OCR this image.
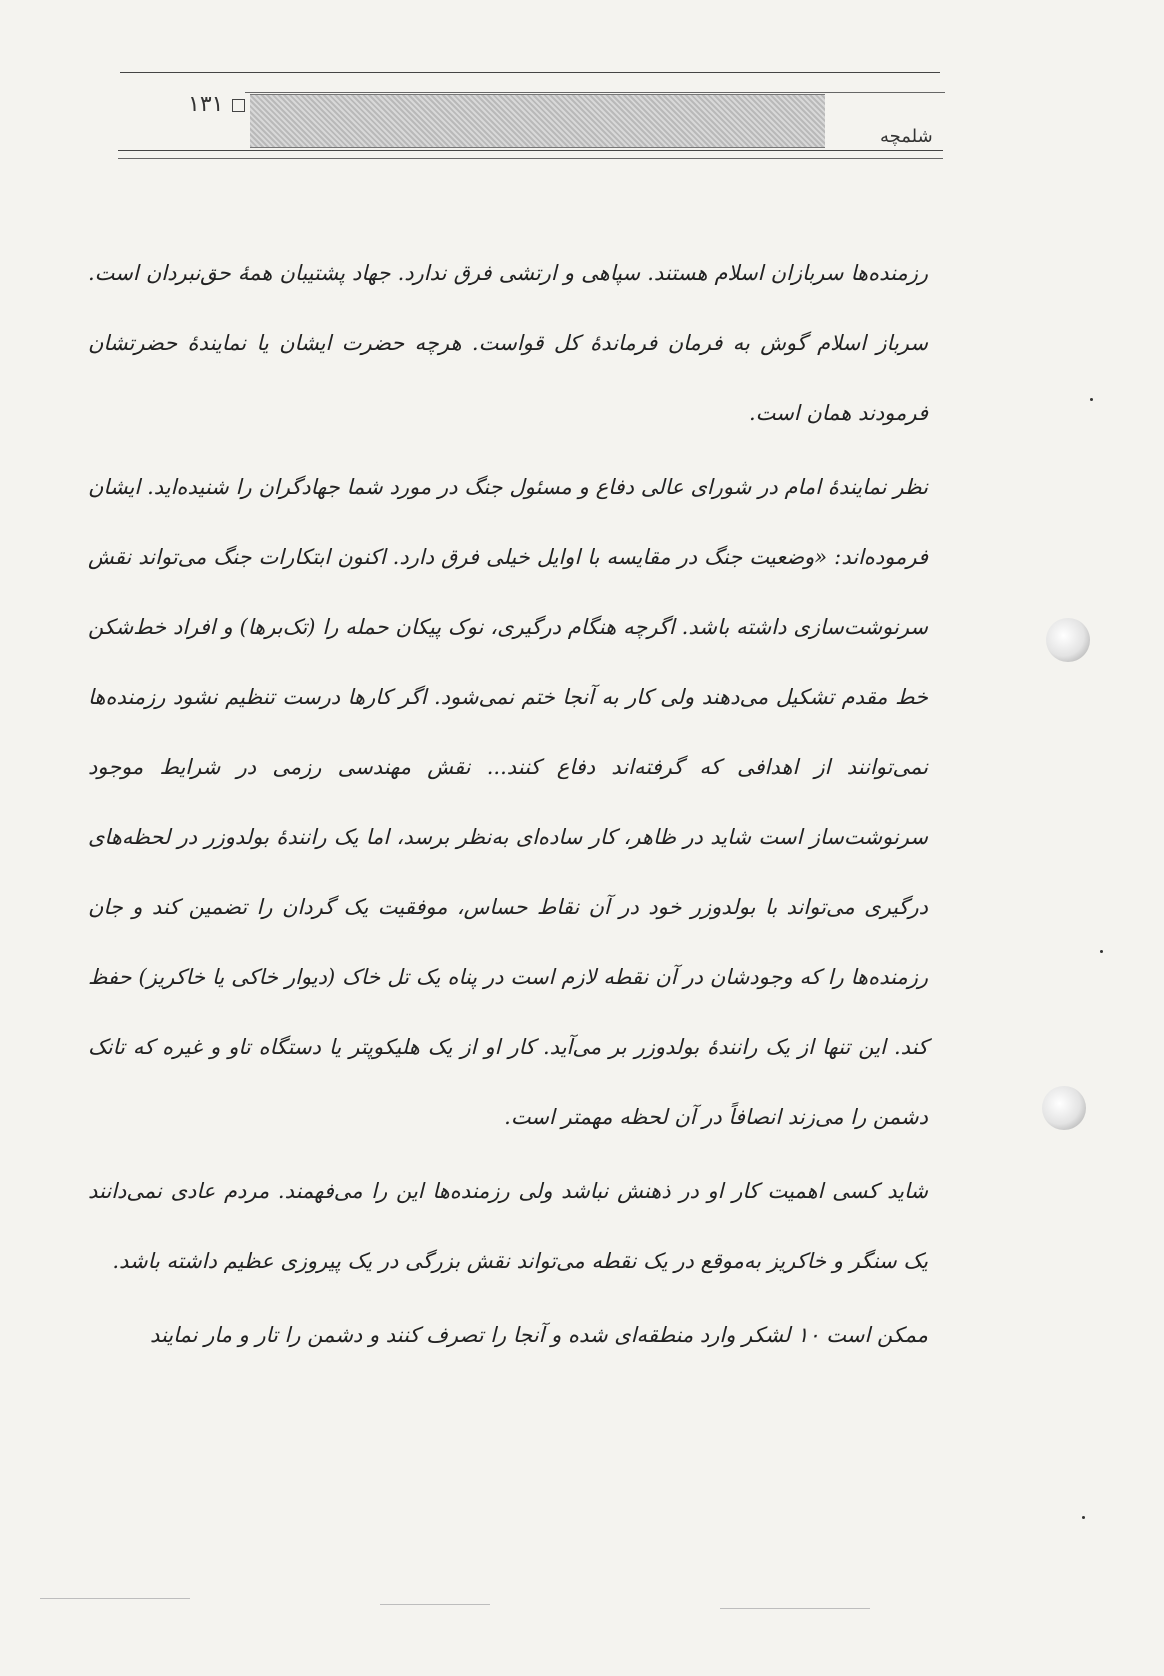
۱۳۱
شلمچه

رزمنده‌ها سربازان اسلام هستند. سپاهی و ارتشی فرق ندارد. جهاد پشتیبان همهٔ حق‌نبردان است. سرباز اسلام گوش به فرمان فرماندهٔ کل قواست. هرچه حضرت ایشان یا نمایندهٔ حضرتشان فرمودند همان است.

نظر نمایندهٔ امام در شورای عالی دفاع و مسئول جنگ در مورد شما جهادگران را شنیده‌اید. ایشان فرموده‌اند: «وضعیت جنگ در مقایسه با اوایل خیلی فرق دارد. اکنون ابتکارات جنگ می‌تواند نقش سرنوشت‌سازی داشته باشد. اگرچه هنگام درگیری، نوک پیکان حمله را (تک‌برها) و افراد خط‌شکن خط مقدم تشکیل می‌دهند ولی کار به آنجا ختم نمی‌شود. اگر کارها درست تنظیم نشود رزمنده‌ها نمی‌توانند از اهدافی که گرفته‌اند دفاع کنند... نقش مهندسی رزمی در شرایط موجود سرنوشت‌ساز است شاید در ظاهر، کار ساده‌ای به‌نظر برسد، اما یک رانندهٔ بولدوزر در لحظه‌های درگیری می‌تواند با بولدوزر خود در آن نقاط حساس، موفقیت یک گردان را تضمین کند و جان رزمنده‌ها را که وجودشان در آن نقطه لازم است در پناه یک تل خاک (دیوار خاکی یا خاکریز) حفظ کند. این تنها از یک رانندهٔ بولدوزر بر می‌آید. کار او از یک هلیکوپتر یا دستگاه تاو و غیره که تانک دشمن را می‌زند انصافاً در آن لحظه مهمتر است.

شاید کسی اهمیت کار او در ذهنش نباشد ولی رزمنده‌ها این را می‌فهمند. مردم عادی نمی‌دانند یک سنگر و خاکریز به‌موقع در یک نقطه می‌تواند نقش بزرگی در یک پیروزی عظیم داشته باشد.

ممکن است ۱۰ لشکر وارد منطقه‌ای شده و آنجا را تصرف کنند و دشمن را تار و مار نمایند
